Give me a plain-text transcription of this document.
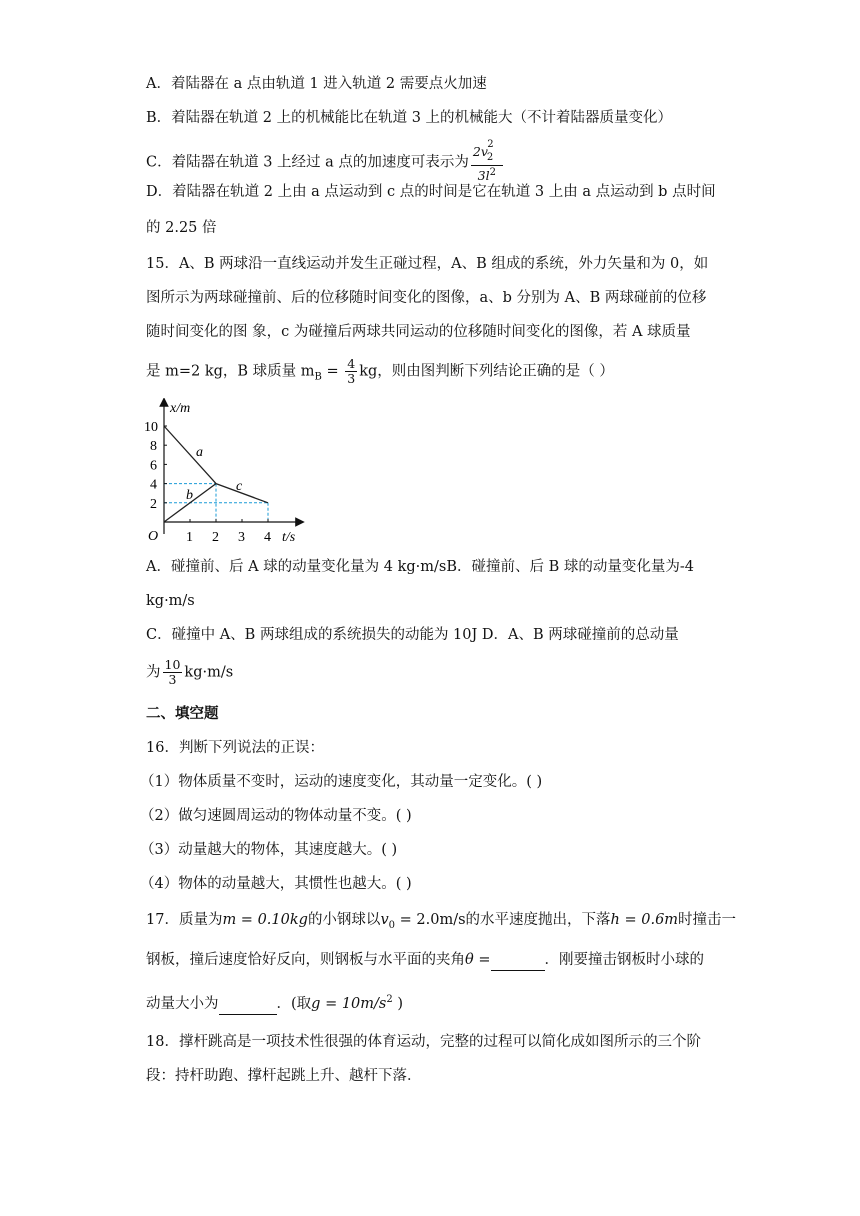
A．着陆器在 a 点由轨道 1 进入轨道 2 需要点火加速
B．着陆器在轨道 2 上的机械能比在轨道 3 上的机械能大（不计着陆器质量变化）
C．着陆器在轨道 3 上经过 a 点的加速度可表示为 $\frac{2v_2^2}{3l^2}$
D．着陆器在轨道 2 上由 a 点运动到 c 点的时间是它在轨道 3 上由 a 点运动到 b 点时间
的 2.25 倍
15．A、B 两球沿一直线运动并发生正碰过程，A、B 组成的系统，外力矢量和为 0，如
图所示为两球碰撞前、后的位移随时间变化的图像，a、b 分别为 A、B 两球碰前的位移
随时间变化的图 象，c 为碰撞后两球共同运动的位移随时间变化的图像，若 A 球质量
是 m=2 kg，B 球质量 $m_B = \frac{4}{3}$ kg，则由图判断下列结论正确的是（ ）
10
8
6
4
2
1 2 3 4
x/m
t/s
O
a
b
c
A．碰撞前、后 A 球的动量变化量为 4 kg·m/sB．碰撞前、后 B 球的动量变化量为-4
kg·m/s
C．碰撞中 A、B 两球组成的系统损失的动能为 10J D．A、B 两球碰撞前的总动量
为 $\frac{10}{3} kg\cdot m/s$
二、填空题
16．判断下列说法的正误：
（1）物体质量不变时，运动的速度变化，其动量一定变化。( )
（2）做匀速圆周运动的物体动量不变。( )
（3）动量越大的物体，其速度越大。( )
（4）物体的动量越大，其惯性也越大。( )
17．质量为m = 0.10kg的小钢球以$v_0 = 2.0m/s$的水平速度抛出，下落h = 0.6m时撞击一
钢板，撞后速度恰好反向，则钢板与水平面的夹角θ =	．刚要撞击钢板时小球的
动量大小为	．(取$g = 10m/s^2$ )
18．撑杆跳高是一项技术性很强的体育运动，完整的过程可以简化成如图所示的三个阶
段：持杆助跑、撑杆起跳上升、越杆下落．
